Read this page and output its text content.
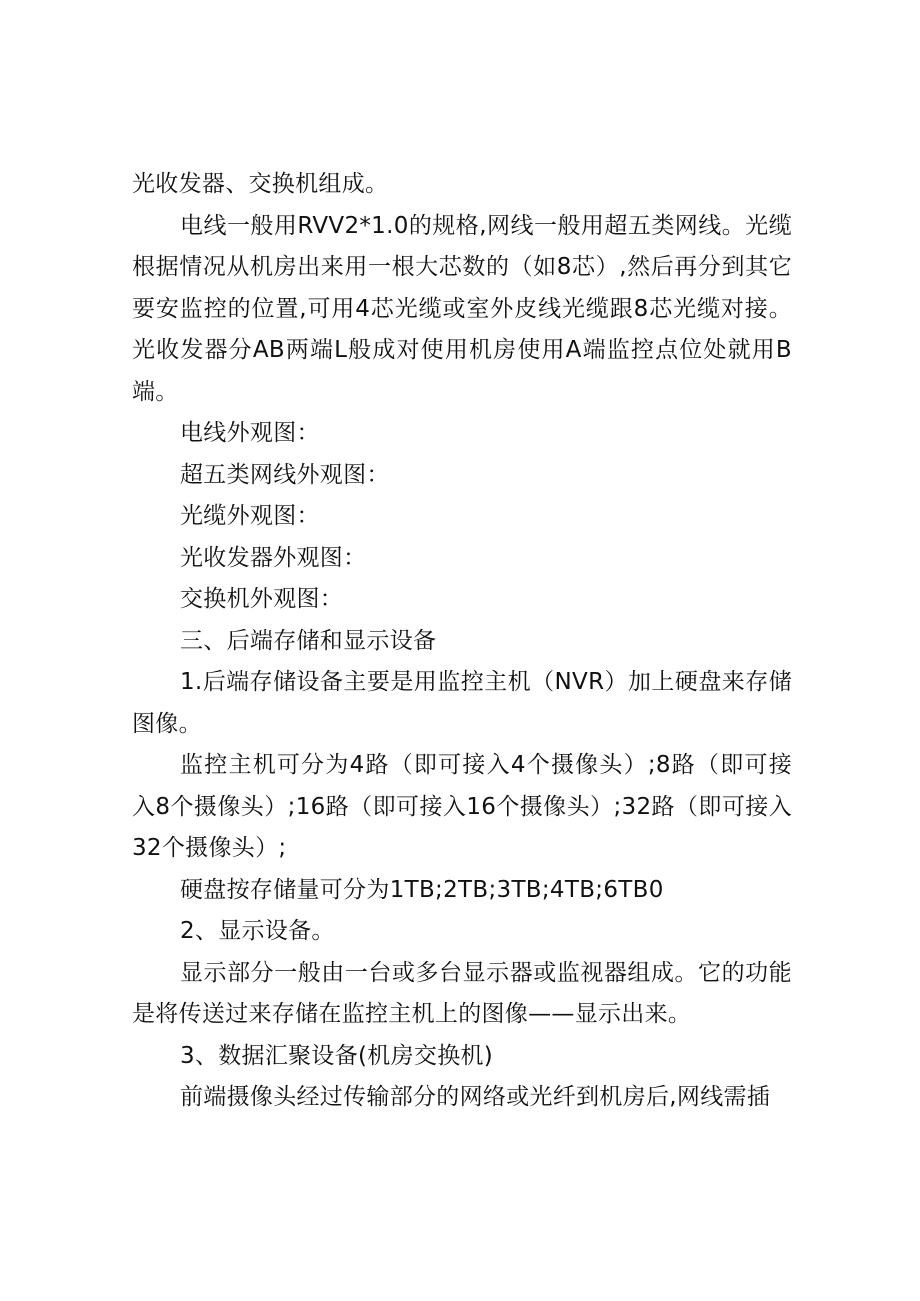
光收发器、交换机组成。

电线一般用RVV2*1.0的规格,网线一般用超五类网线。光缆根据情况从机房出来用一根大芯数的（如8芯）,然后再分到其它要安监控的位置,可用4芯光缆或室外皮线光缆跟8芯光缆对接。光收发器分AB两端L般成对使用机房使用A端监控点位处就用B端。

电线外观图：

超五类网线外观图：

光缆外观图：

光收发器外观图：

交换机外观图：

三、后端存储和显示设备

1.后端存储设备主要是用监控主机（NVR）加上硬盘来存储图像。

监控主机可分为4路（即可接入4个摄像头）;8路（即可接入8个摄像头）;16路（即可接入16个摄像头）;32路（即可接入32个摄像头）;

硬盘按存储量可分为1TB;2TB;3TB;4TB;6TB0

2、显示设备。

显示部分一般由一台或多台显示器或监视器组成。它的功能是将传送过来存储在监控主机上的图像——显示出来。

3、数据汇聚设备(机房交换机)

前端摄像头经过传输部分的网络或光纤到机房后,网线需插
